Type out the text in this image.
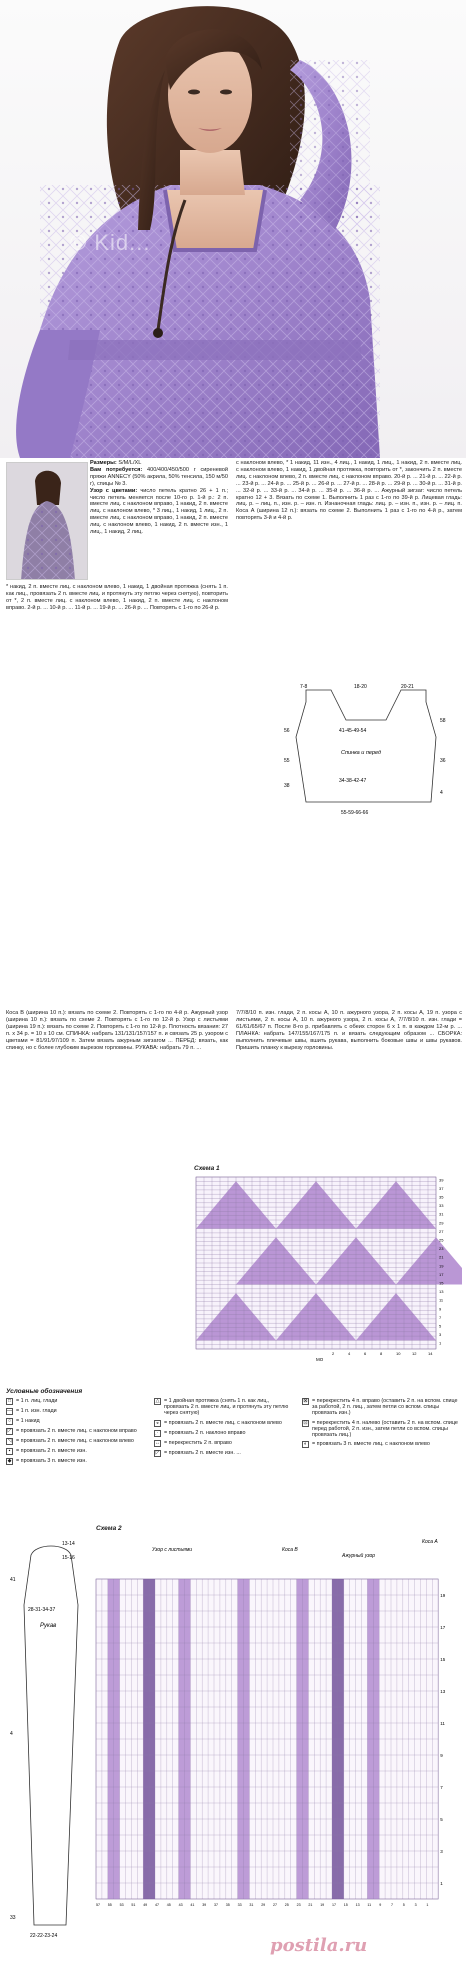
© Kid...
Размеры: S/M/L/XL
Вам потребуется: 400/400/450/500 г сиреневой пряжи ANNECY (50% акрила, 50% тенсила, 150 м/50 г), спицы № 3.
Узор с цветами: число петель кратно 26 + 1 п.; число петель меняется после 10-го р. 1-й р.: 2 п. вместе лиц. с наклоном вправо, 1 накид, 2 п. вместе лиц. с наклоном влево, * 3 лиц., 1 накид, 1 лиц., 2 п. вместе лиц. с наклоном вправо, 1 накид, 2 п. вместе лиц. с наклоном влево, 1 накид, 2 п. вместе изн., 1 лиц., 1 накид, 2 лиц.
* накид, 2 п. вместе лиц. с наклоном влево, 1 накид, 1 двойная протяжка (снять 1 п. как лиц., провязать 2 п. вместе лиц. и протянуть эту петлю через снятую), повторить от *, 2 п. вместе лиц. с наклоном влево, 1 накид, 2 п. вместе лиц. с наклоном вправо. 2-й р. ... 10-й р. ... 11-й р. ... 19-й р. ... 26-й р. ... Повторять с 1-го по 26-й р.
с наклоном влево, * 1 накид, 11 изн., 4 лиц., 1 накид, 1 лиц., 1 накид, 2 п. вместе лиц. с наклоном влево, 1 накид, 1 двойная протяжка, повторить от *, закончить 2 п. вместе лиц. с наклоном влево, 2 п. вместе лиц. с наклоном вправо. 20-й р. ... 21-й р. ... 22-й р. ... 23-й р. ... 24-й р. ... 25-й р. ... 26-й р. ... 27-й р. ... 28-й р. ... 29-й р. ... 30-й р. ... 31-й р. ... 32-й р. ... 33-й р. ... 34-й р. ... 35-й р. ... 36-й р. ... Ажурный зигзаг: число петель кратно 12 + 3. Вязать по схеме 1. Выполнить 1 раз с 1-го по 39-й р. Лицевая гладь: лиц. р. – лиц. п., изн. р. – изн. п. Изнаночная гладь: лиц. р. – изн. п., изн. р. – лиц. п. Коса А (ширина 12 п.): вязать по схеме 2. Выполнить 1 раз с 1-го по 4-й р., затем повторять 3-й и 4-й р.
7-8	18-20	20-21
41-45-49-54
Спинка и перед
34-38-42-47
55-59-66-66
56
55
38
58
36
4
Коса B (ширина 10 п.): вязать по схеме 2. Повторять с 1-го по 4-й р. Ажурный узор (ширина 10 п.): вязать по схеме 2. Повторять с 1-го по 12-й р. Узор с листьями (ширина 19 п.): вязать по схеме 2. Повторять с 1-го по 12-й р. Плотность вязания: 27 п. x 34 р. = 10 x 10 см. СПИНКА: набрать 131/131/157/157 п. и связать 25 р. узором с цветами = 81/91/97/109 п. Затем вязать ажурным зигзагом ... ПЕРЕД: вязать, как спинку, но с более глубоким вырезом горловины. РУКАВА: набрать 79 п. ...
7/7/8/10 п. изн. глади, 2 п. косы А, 10 п. ажурного узора, 2 п. косы А, 19 п. узора с листьями, 2 п. косы А, 10 п. ажурного узора, 2 п. косы А, 7/7/8/10 п. изн. глади = 61/61/65/67 п. После 8-го р. прибавлять с обеих сторон 6 x 1 п. в каждом 12-м р. ... ПЛАНКА: набрать 147/155/167/175 п. и вязать следующим образом ... СБОРКА: выполнить плечевые швы, вшить рукава, выполнить боковые швы и швы рукавов. Пришить планку к вырезу горловины.
Схема 1
39
37
35
33
31
29
27
25
23
21
19
17
15
13
11
9
7
5
3
1
14
12
10
8
6
4
2
МО
Условные обозначения
□ = 1 п. лиц. глади
— = 1 п. изн. глади
○ = 1 накид
◸ = провязать 2 п. вместе лиц. с наклоном вправо
◹ = провязать 2 п. вместе лиц. с наклоном влево
▪	= провязать 2 п. вместе изн.
◆ = провязать 3 п. вместе изн.
△ = 1 двойная протяжка (снять 1 п. как лиц., провязать 2 п. вместе лиц. и протянуть эту петлю через снятую)
◒ = провязать 2 п. вместе лиц. с наклоном влево
⋰ = провязать 2 п. наклоно вправо
↔ = перекрестить 2 п. вправо
◸ = провязать 2 п. вместе изн. ...
⊠ = перекрестить 4 п. вправо (оставить 2 п. на вспом. спице за работой, 2 п. лиц., затем петли со вспом. спицы провязать изн.)
⊡ = перекрестить 4 п. налево (оставить 2 п. на вспом. спице перед работой, 2 п. изн., затем петли со вспом. спицы провязать лиц.)
◐ = провязать 3 п. вместе лиц. с наклоном влево
13-14
15-16
28-31-34-37
Рукав
22-22-23-24
41
4
33
Схема 2
Узор с листьями	Коса B
Ажурный узор
Коса А
19
17
15
13
11
9
7
5
3
1
57 55 53 51 49 47 45 43 41 39 37 35 33 31 29 27 25 23 21 19 17 15 13 11 9	7	5	3	1
postila.ru
